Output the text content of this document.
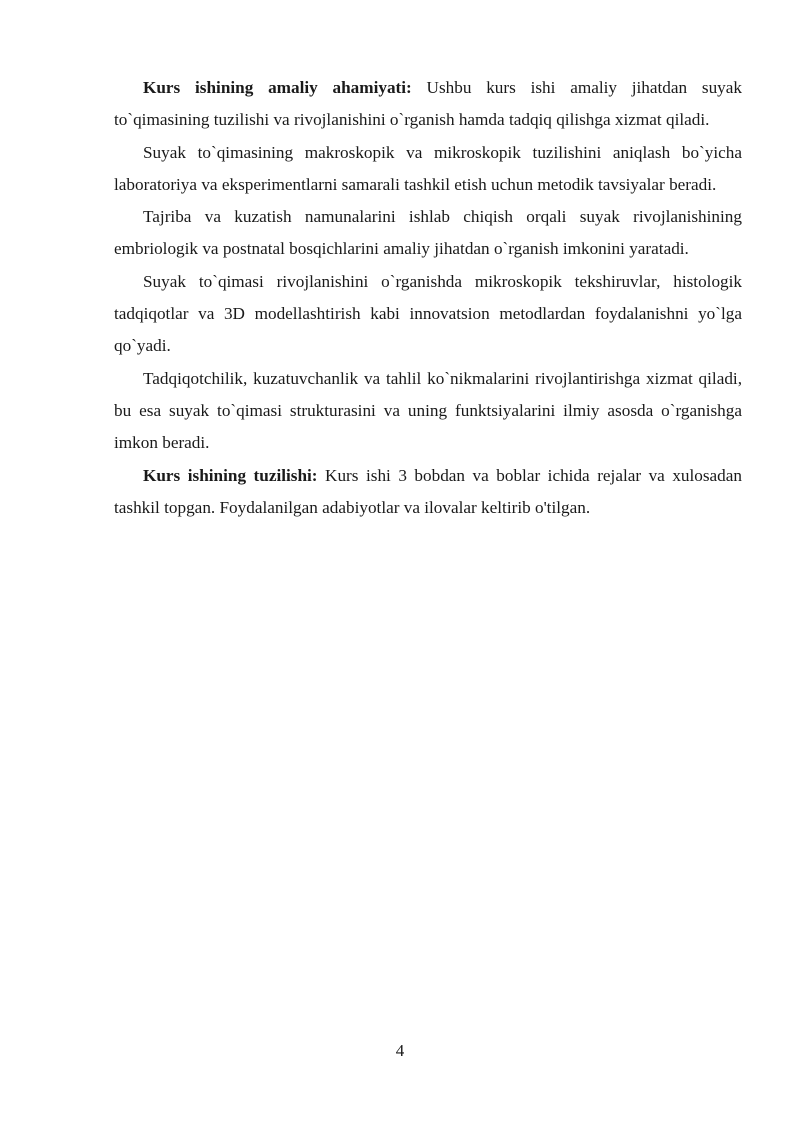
Kurs ishining amaliy ahamiyati: Ushbu kurs ishi amaliy jihatdan suyak to`qimasining tuzilishi va rivojlanishini o`rganish hamda tadqiq qilishga xizmat qiladi.

Suyak to`qimasining makroskopik va mikroskopik tuzilishini aniqlash bo`yicha laboratoriya va eksperimentlarni samarali tashkil etish uchun metodik tavsiyalar beradi.

Tajriba va kuzatish namunalarini ishlab chiqish orqali suyak rivojlanishining embriologik va postnatal bosqichlarini amaliy jihatdan o`rganish imkonini yaratadi.

Suyak to`qimasi rivojlanishini o`rganishda mikroskopik tekshiruvlar, histologik tadqiqotlar va 3D modellashtirish kabi innovatsion metodlardan foydalanishni yo`lga qo`yadi.

Tadqiqotchilik, kuzatuvchanlik va tahlil ko`nikmalarini rivojlantirishga xizmat qiladi, bu esa suyak to`qimasi strukturasini va uning funktsiyalarini ilmiy asosda o`rganishga imkon beradi.

Kurs ishining tuzilishi: Kurs ishi 3 bobdan va boblar ichida rejalar va xulosadan tashkil topgan. Foydalanilgan adabiyotlar va ilovalar keltirib o'tilgan.

4
